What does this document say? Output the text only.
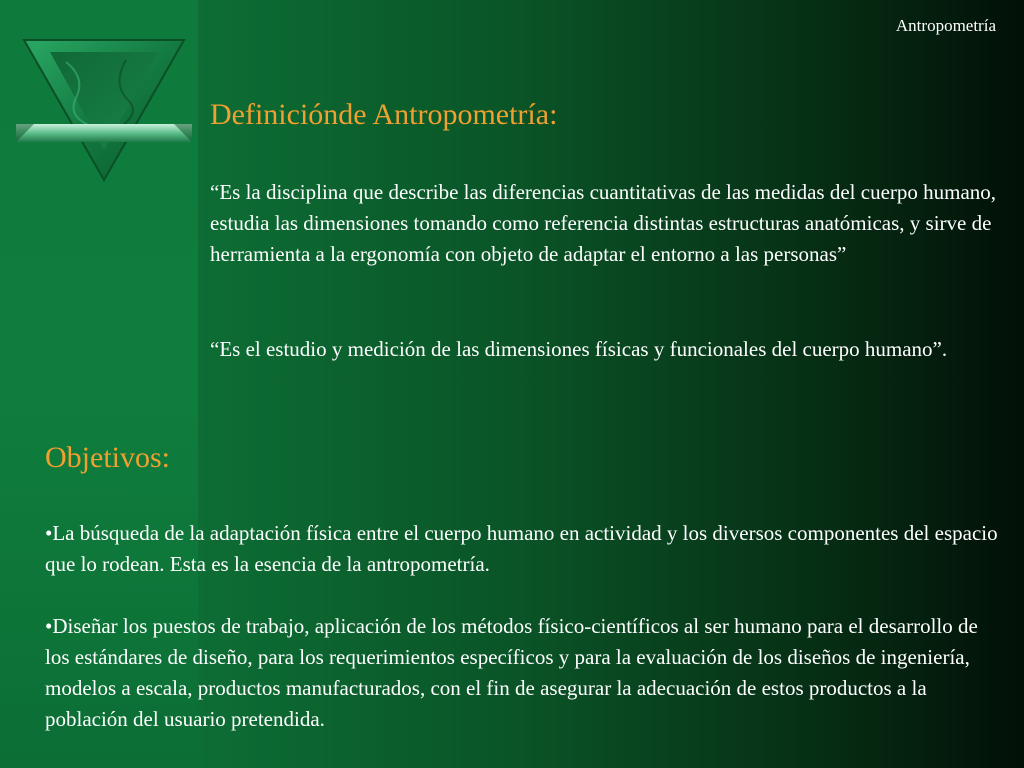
Antropometría
Definiciónde Antropometría:

“Es la disciplina que describe las diferencias cuantitativas de las medidas del cuerpo humano, estudia las dimensiones tomando como referencia distintas estructuras anatómicas, y sirve de herramienta a la ergonomía con objeto de adaptar el entorno a las personas”

“Es el estudio y medición de las dimensiones físicas y funcionales del cuerpo humano”.

Objetivos:

•La búsqueda de la adaptación física entre el cuerpo humano en actividad y los diversos componentes del espacio que lo rodean. Esta es la esencia de la antropometría.

•Diseñar los puestos de trabajo, aplicación de los métodos físico-científicos al ser humano para el desarrollo de los estándares de diseño, para los requerimientos específicos y para la evaluación de los diseños de ingeniería, modelos a escala, productos manufacturados, con el fin de asegurar la adecuación de estos productos a la población del usuario pretendida.
